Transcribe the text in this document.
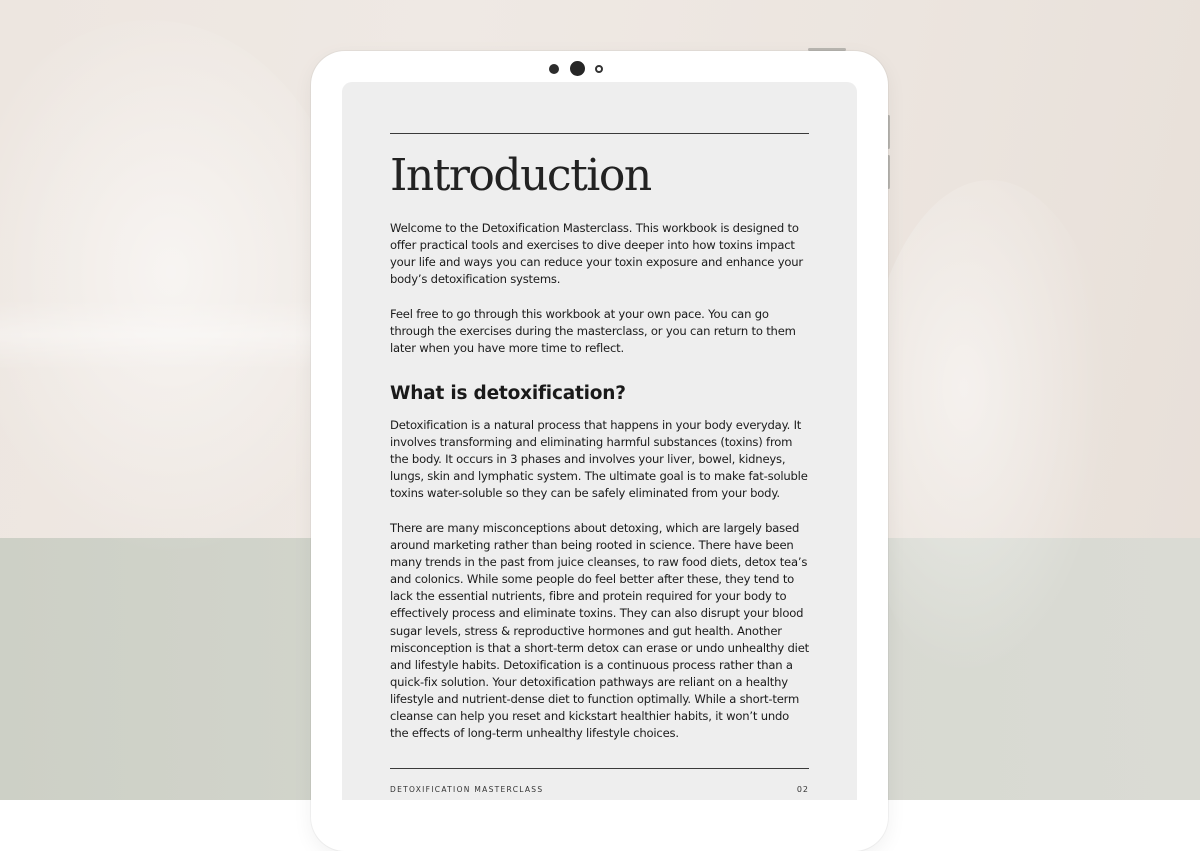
Introduction

Welcome to the Detoxification Masterclass. This workbook is designed to offer practical tools and exercises to dive deeper into how toxins impact your life and ways you can reduce your toxin exposure and enhance your body’s detoxification systems.

Feel free to go through this workbook at your own pace. You can go through the exercises during the masterclass, or you can return to them later when you have more time to reflect.

What is detoxification?

Detoxification is a natural process that happens in your body everyday. It involves transforming and eliminating harmful substances (toxins) from the body. It occurs in 3 phases and involves your liver, bowel, kidneys, lungs, skin and lymphatic system. The ultimate goal is to make fat-soluble toxins water-soluble so they can be safely eliminated from your body.

There are many misconceptions about detoxing, which are largely based around marketing rather than being rooted in science. There have been many trends in the past from juice cleanses, to raw food diets, detox tea’s and colonics. While some people do feel better after these, they tend to lack the essential nutrients, fibre and protein required for your body to effectively process and eliminate toxins. They can also disrupt your blood sugar levels, stress & reproductive hormones and gut health. Another misconception is that a short-term detox can erase or undo unhealthy diet and lifestyle habits. Detoxification is a continuous process rather than a quick-fix solution. Your detoxification pathways are reliant on a healthy lifestyle and nutrient-dense diet to function optimally. While a short-term cleanse can help you reset and kickstart healthier habits, it won’t undo the effects of long-term unhealthy lifestyle choices.

DETOXIFICATION MASTERCLASS	02
